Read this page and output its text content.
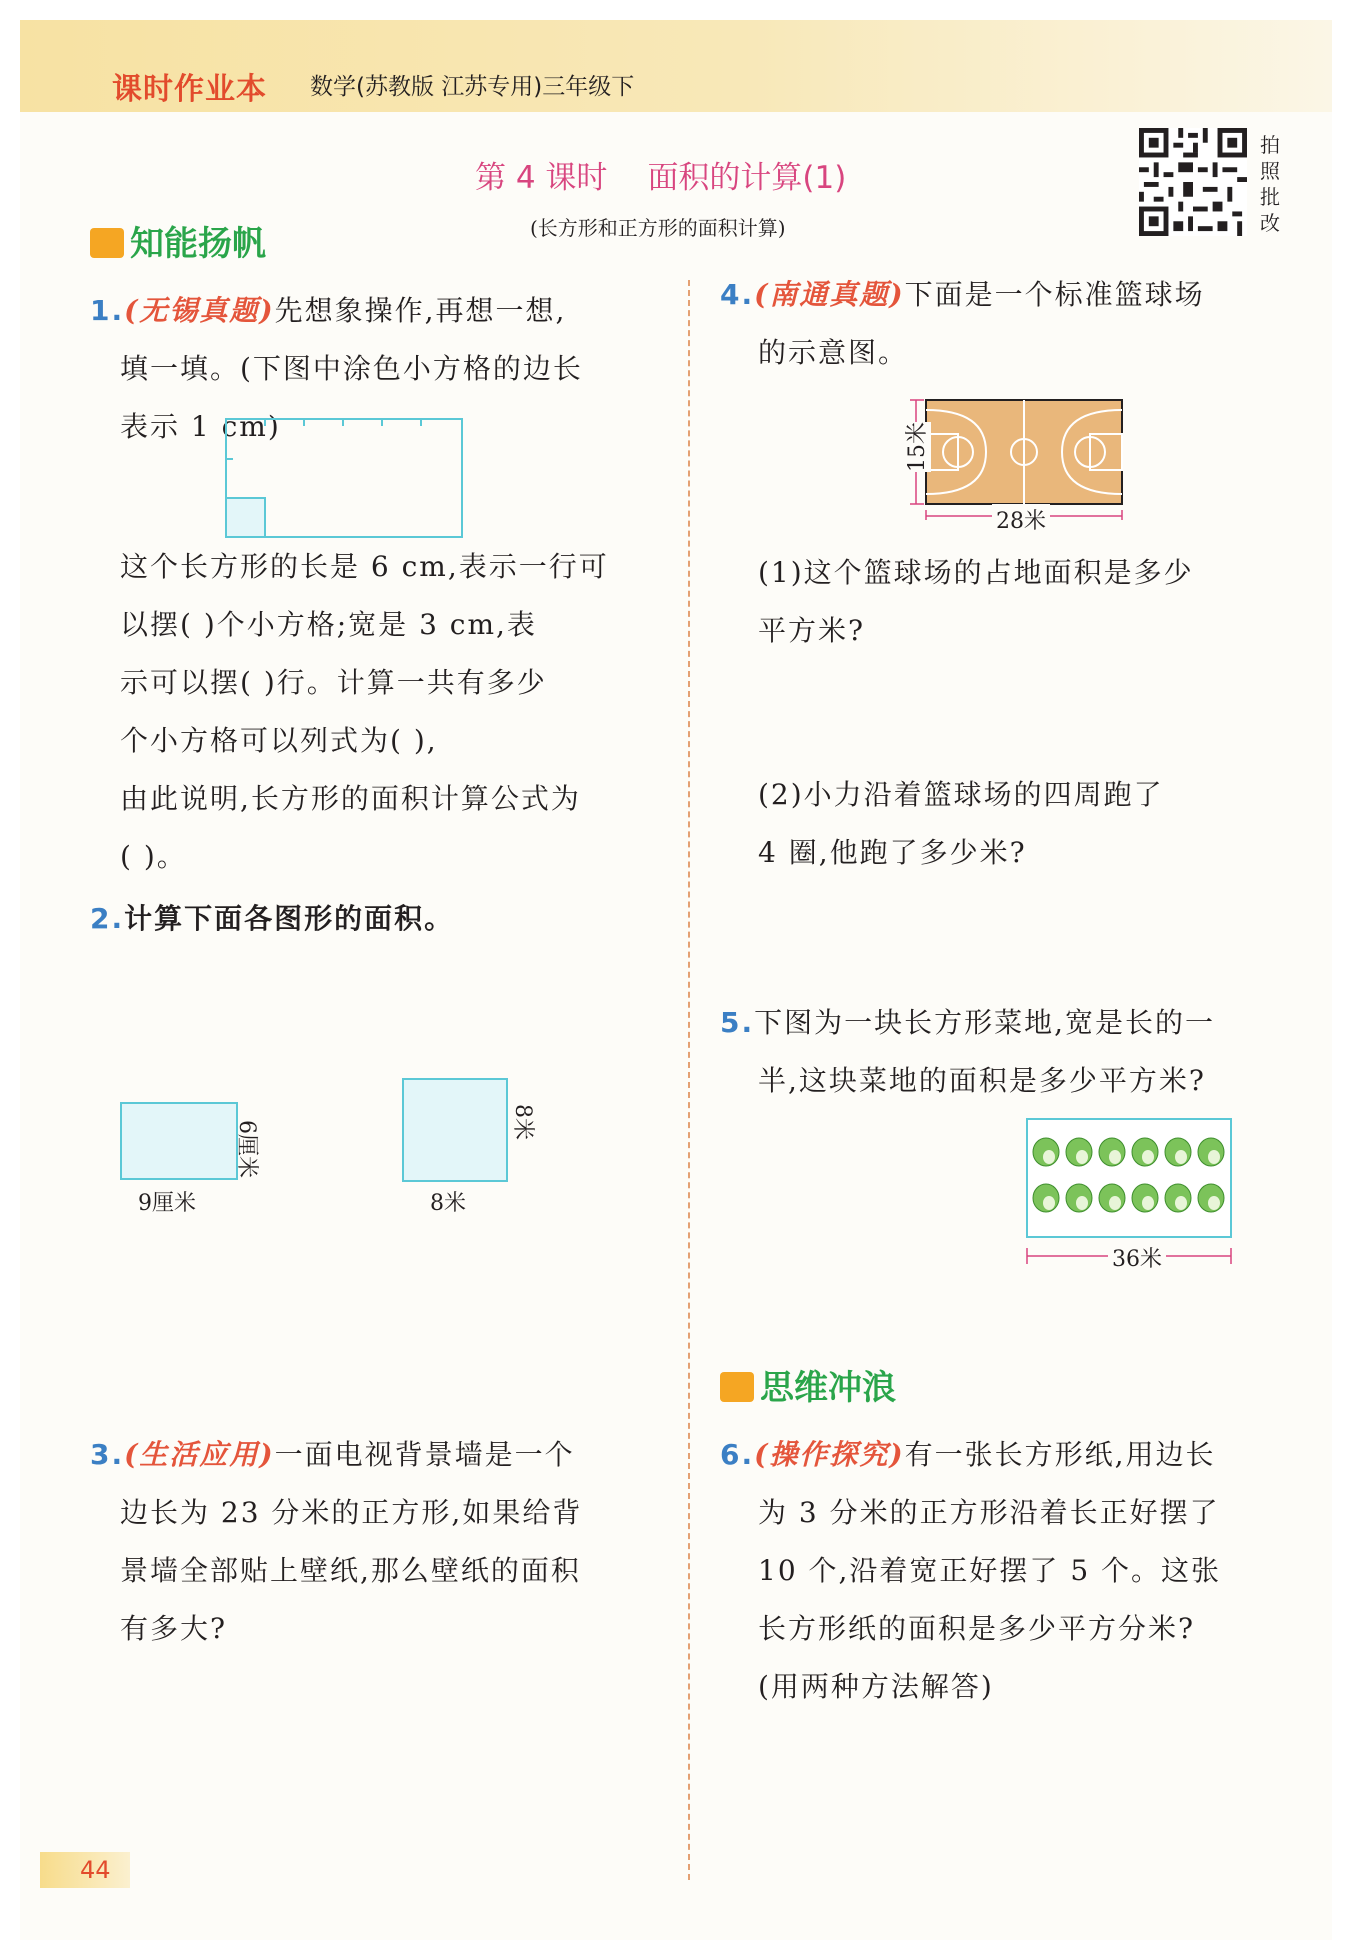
课时作业本 数学(苏教版 江苏专用)三年级下
第 4 课时 面积的计算(1)
(长方形和正方形的面积计算)
拍照批改
知能扬帆
1.(无锡真题)先想象操作,再想一想,
填一填。(下图中涂色小方格的边长
表示 1 cm)
这个长方形的长是 6 cm,表示一行可
以摆( )个小方格;宽是 3 cm,表
示可以摆( )行。计算一共有多少
个小方格可以列式为( ),
由此说明,长方形的面积计算公式为
( )。
2.计算下面各图形的面积。
9厘米
6厘米
8米
8米
3.(生活应用)一面电视背景墙是一个
边长为 23 分米的正方形,如果给背
景墙全部贴上壁纸,那么壁纸的面积
有多大?
4.(南通真题)下面是一个标准篮球场
的示意图。
15米
28米
(1)这个篮球场的占地面积是多少
平方米?
(2)小力沿着篮球场的四周跑了
4 圈,他跑了多少米?
5.下图为一块长方形菜地,宽是长的一
半,这块菜地的面积是多少平方米?
36米
思维冲浪
6.(操作探究)有一张长方形纸,用边长
为 3 分米的正方形沿着长正好摆了
10 个,沿着宽正好摆了 5 个。这张
长方形纸的面积是多少平方分米?
(用两种方法解答)
44
